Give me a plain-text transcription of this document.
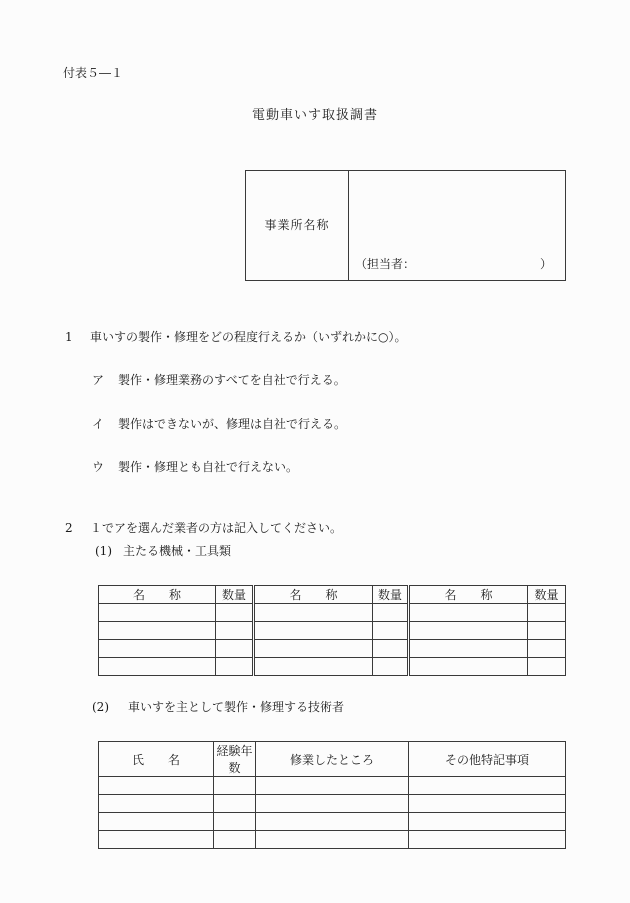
付表５―１
電動車いす取扱調書
事業所名称
（担当者：	）
1	車いすの製作・修理をどの程度行えるか（いずれかに○）。
ア	製作・修理業務のすべてを自社で行える。
イ	製作はできないが、修理は自社で行える。
ウ	製作・修理とも自社で行えない。
2	１でアを選んだ業者の方は記入してください。
(1) 主たる機械・工具類
名　　称	数量	名　　称	数量	名　　称	数量

(2)	車いすを主として製作・修理する技術者
氏　　名	経験年数	修業したところ	その他特記事項
